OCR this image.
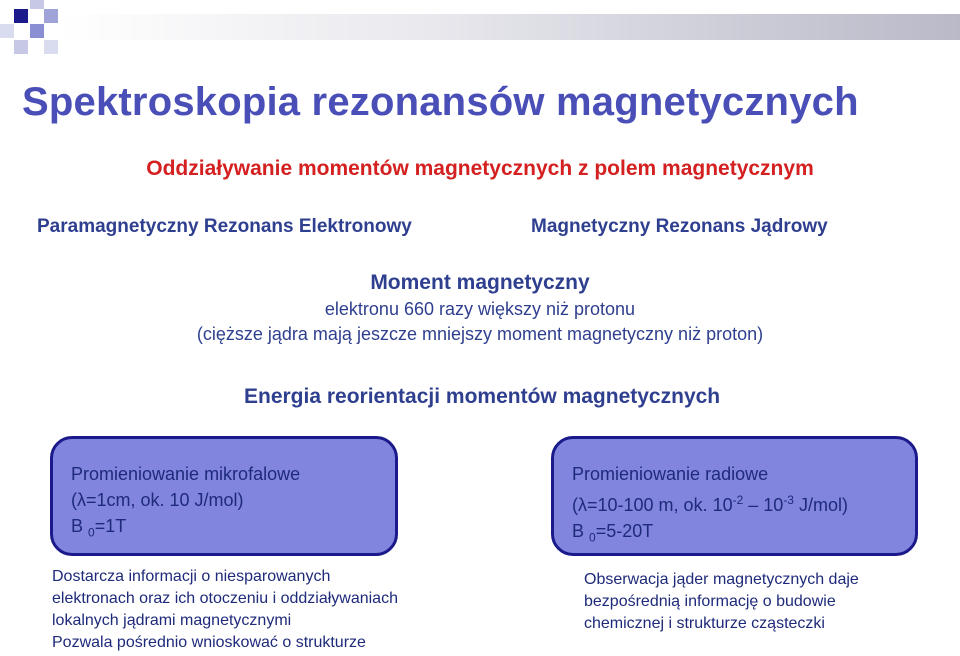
Spektroskopia rezonansów magnetycznych
Oddziaływanie momentów magnetycznych z polem magnetycznym
Paramagnetyczny Rezonans Elektronowy	Magnetyczny Rezonans Jądrowy
Moment magnetyczny
elektronu 660 razy większy niż protonu
(cięższe jądra mają jeszcze mniejszy moment magnetyczny niż proton)
Energia reorientacji momentów magnetycznych
Promieniowanie mikrofalowe
(λ=1cm, ok. 10 J/mol)
B $_0$=1T
Promieniowanie radiowe
(λ=10-100 m, ok. $10^{-2} - 10^{-3}$ J/mol)
B $_0$=5-20T
Dostarcza informacji o niesparowanych
elektronach oraz ich otoczeniu i oddziaływaniach
lokalnych jądrami magnetycznymi
Pozwala pośrednio wnioskować o strukturze
Obserwacja jąder magnetycznych daje
bezpośrednią informację o budowie
chemicznej i strukturze cząsteczki
